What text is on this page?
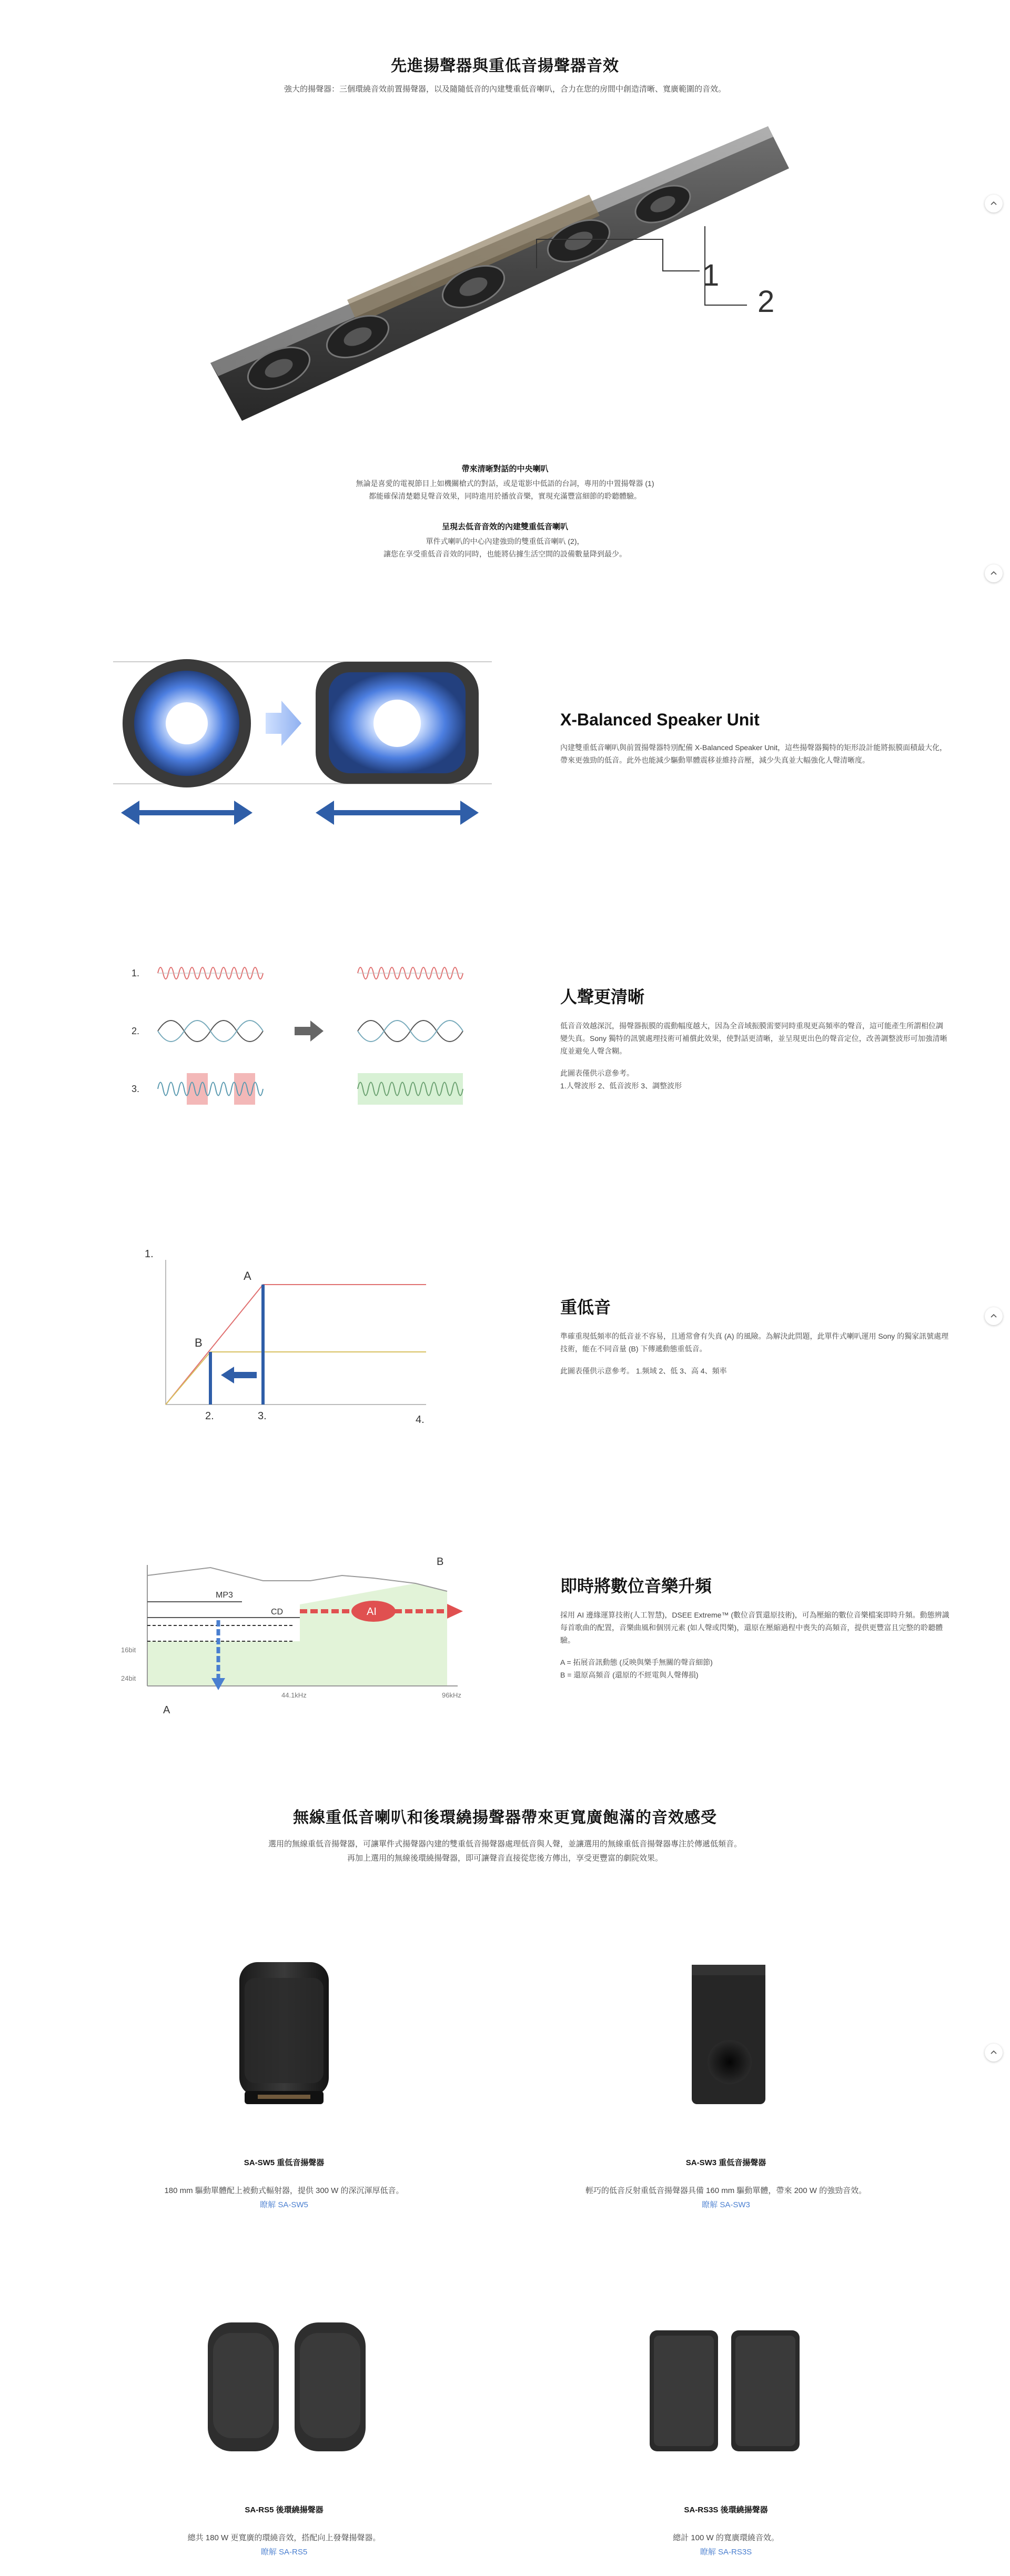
先進揚聲器與重低音揚聲器音效

強大的揚聲器：三個環繞音效前置揚聲器，以及隨隨低音的內建雙重低音喇叭，合力在您的房間中創造清晰、寬廣範圍的音效。

1
2
帶來清晰對話的中央喇叭
無論是喜愛的電視節目上如機關槍式的對話，或是電影中低語的台詞，專用的中置揚聲器 (1)
都能確保清楚聽見聲音效果，同時進用於播放音樂，實現充滿豐富細節的聆聽體驗。
呈現去低音音效的內建雙重低音喇叭
單件式喇叭的中心內建強勁的雙重低音喇叭 (2)，
讓您在享受重低音音效的同時，也能將佔據生活空間的設備數量降到最少。
X-Balanced Speaker Unit
內建雙重低音喇叭與前置揚聲器特別配備 X-Balanced Speaker Unit，這些揚聲器獨特的矩形設計能將振膜面積最大化，帶來更強勁的低音。此外也能減少驅動單體震移並維持音壓，減少失真並大幅強化人聲清晰度。
1.
2.
3.
人聲更清晰
低音音效越深沉，揚聲器振膜的震動幅度越大，因為全音域振膜需要同時重現更高頻率的聲音，這可能產生所謂相位調變失真。Sony 獨特的訊號處理技術可補償此效果，使對話更清晰，並呈現更出色的聲音定位，改善調整波形可加強清晰度並避免人聲含糊。
此圖表僅供示意參考。
1.人聲波形 2、低音波形 3、調整波形
1.
A
B
2.	3.	4.
重低音
準確重現低頻率的低音並不容易，且通常會有失真 (A) 的風險。為解決此問題，此單件式喇叭運用 Sony 的獨家訊號處理技術，能在不同音量 (B) 下傳遞動態重低音。
此圖表僅供示意參考。 1.频域 2、低 3、高 4、頻率
B
MP3
CD	AI
16bit
24bit
44.1kHz	96kHz
A
即時將數位音樂升頻
採用 AI 邊緣運算技術(人工智慧)，DSEE Extreme™ (數位音質還原技術)，可為壓縮的數位音樂檔案即時升頻。動態辨識每首歌曲的配置，音樂曲風和個別元素 (如人聲或閃樂)，還原在壓縮過程中喪失的高頻音，提供更豐富且完整的聆聽體驗。
A = 拓展音訊動態 (反映與樂手無關的聲音細節)
B = 還原高頻音 (還原的不經電與人聲傳損)
無線重低音喇叭和後環繞揚聲器帶來更寬廣飽滿的音效感受

選用的無線重低音揚聲器，可讓單件式揚聲器內建的雙重低音揚聲器處理低音與人聲，並讓選用的無線重低音揚聲器專注於傳遞低頻音。

再加上選用的無線後環繞揚聲器，即可讓聲音直接從您後方傳出，享受更豐富的劇院效果。

SA-SW5 重低音揚聲器
180 mm 驅動單體配上被動式輻射器，提供 300 W 的深沉渾厚低音。
瞭解 SA-SW5
SA-SW3 重低音揚聲器
輕巧的低音反射重低音揚聲器具備 160 mm 驅動單體，帶來 200 W 的強勁音效。
瞭解 SA-SW3
SA-RS5 後環繞揚聲器
總共 180 W 更寬廣的環繞音效，搭配向上發聲揚聲器。
瞭解 SA-RS5
SA-RS3S 後環繞揚聲器
總計 100 W 的寬廣環繞音效。
瞭解 SA-RS3S
